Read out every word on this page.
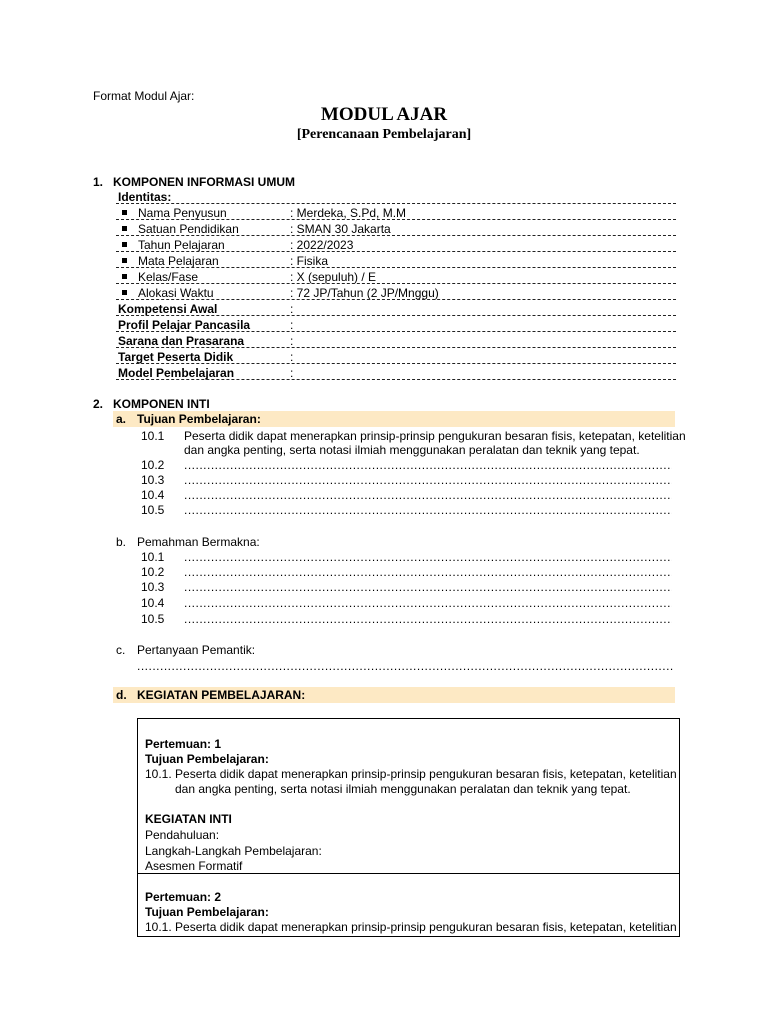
Format Modul Ajar:
MODUL AJAR
[Perencanaan Pembelajaran]
1. KOMPONEN INFORMASI UMUM
Identitas:
Nama Penyusun	: Merdeka, S.Pd, M.M
Satuan Pendidikan	: SMAN 30 Jakarta
Tahun Pelajaran	: 2022/2023
Mata Pelajaran	: Fisika
Kelas/Fase	: X (sepuluh) / E
Alokasi Waktu	: 72 JP/Tahun (2 JP/Mnggu)
Kompetensi Awal	:
Profil Pelajar Pancasila	:
Sarana dan Prasarana	:
Target Peserta Didik	:
Model Pembelajaran	:
2. KOMPONEN INTI
a. Tujuan Pembelajaran:
10.1 Peserta didik dapat menerapkan prinsip-prinsip pengukuran besaran fisis, ketepatan, ketelitian
dan angka penting, serta notasi ilmiah menggunakan peralatan dan teknik yang tepat.
10.2
.....
10.3
.....
10.4
.....
10.5
.....
b. Pemahman Bermakna:
10.1
.....
10.2
.....
10.3
.....
10.4
.....
10.5
.....
c. Pertanyaan Pemantik:
.....
d. KEGIATAN PEMBELAJARAN:
Pertemuan: 1
Tujuan Pembelajaran:
10.1. Peserta didik dapat menerapkan prinsip-prinsip pengukuran besaran fisis, ketepatan, ketelitian
dan angka penting, serta notasi ilmiah menggunakan peralatan dan teknik yang tepat.
KEGIATAN INTI
Pendahuluan:
Langkah-Langkah Pembelajaran:
Asesmen Formatif
Pertemuan: 2
Tujuan Pembelajaran:
10.1. Peserta didik dapat menerapkan prinsip-prinsip pengukuran besaran fisis, ketepatan, ketelitian
